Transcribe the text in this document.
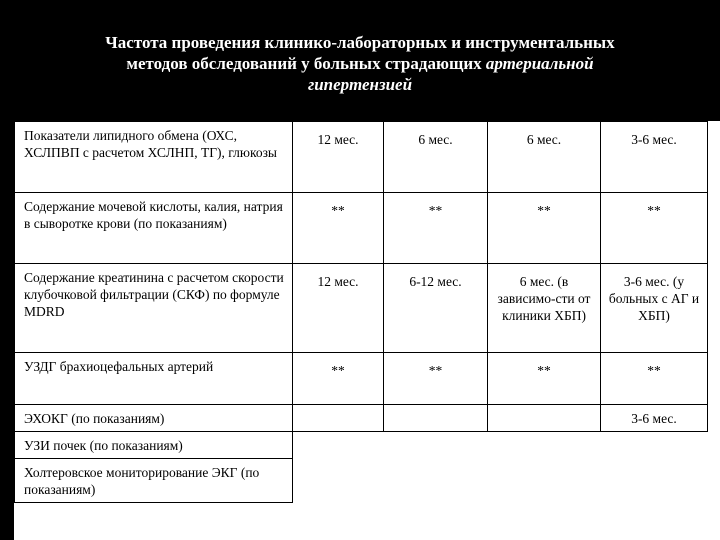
Частота проведения клинико-лабораторных и инструментальных
методов обследований у больных страдающих артериальной
гипертензией
Показатели липидного обмена (ОХС, ХСЛПВП с расчетом ХСЛНП, ТГ), глюкозы	12 мес.	6 мес.	6 мес.	3-6 мес.
Содержание мочевой кислоты, калия, натрия в сыворотке крови (по показаниям)	**	**	**	**
Содержание креатинина с расчетом скорости клубочковой фильтрации (СКФ) по формуле MDRD	12 мес.	6-12 мес.	6 мес. (в зависимо-сти от клиники ХБП)	3-6 мес. (у больных с АГ и ХБП)
УЗДГ брахиоцефальных артерий	**	**	**	**
ЭХОКГ (по показаниям)				3-6 мес.
УЗИ почек (по показаниям)				
Холтеровское мониторирование ЭКГ (по показаниям)				
